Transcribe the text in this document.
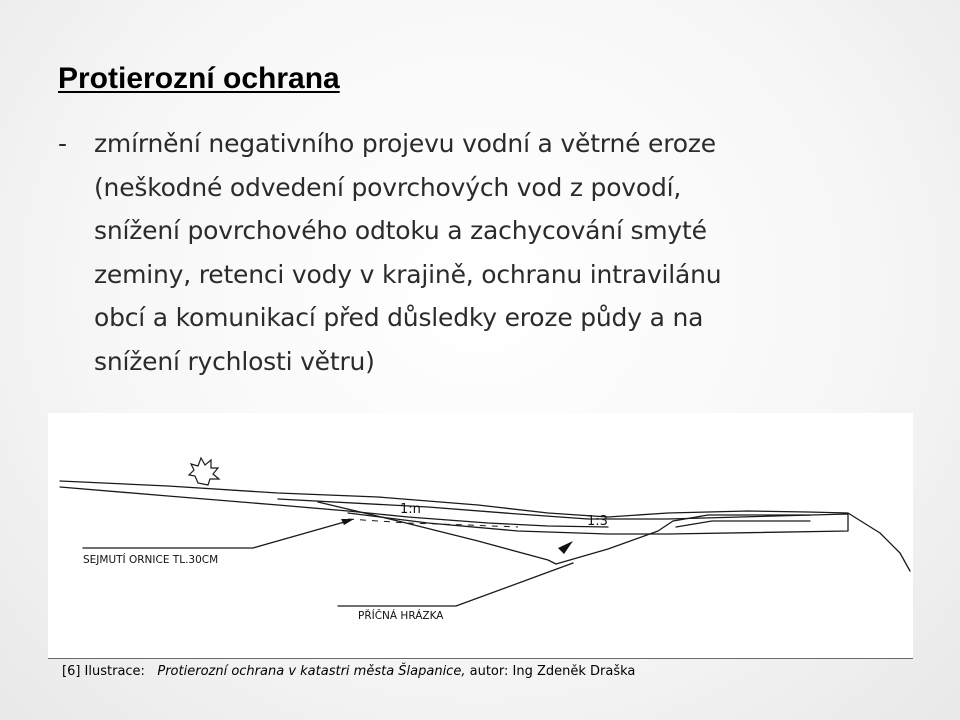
Protierozní ochrana
-	zmírnění negativního projevu vodní a větrné eroze
(neškodné odvedení povrchových vod z povodí,
snížení povrchového odtoku a zachycování smyté
zeminy, retenci vody v krajině, ochranu intravilánu
obcí a komunikací před důsledky eroze půdy a na
snížení rychlosti větru)
1:n
1:3
SEJMUTÍ ORNICE TL.30CM
PŘÍČNÁ HRÁZKA
[6] Ilustrace: Protierozní ochrana v katastri města Šlapanice, autor: Ing Zdeněk Draška
